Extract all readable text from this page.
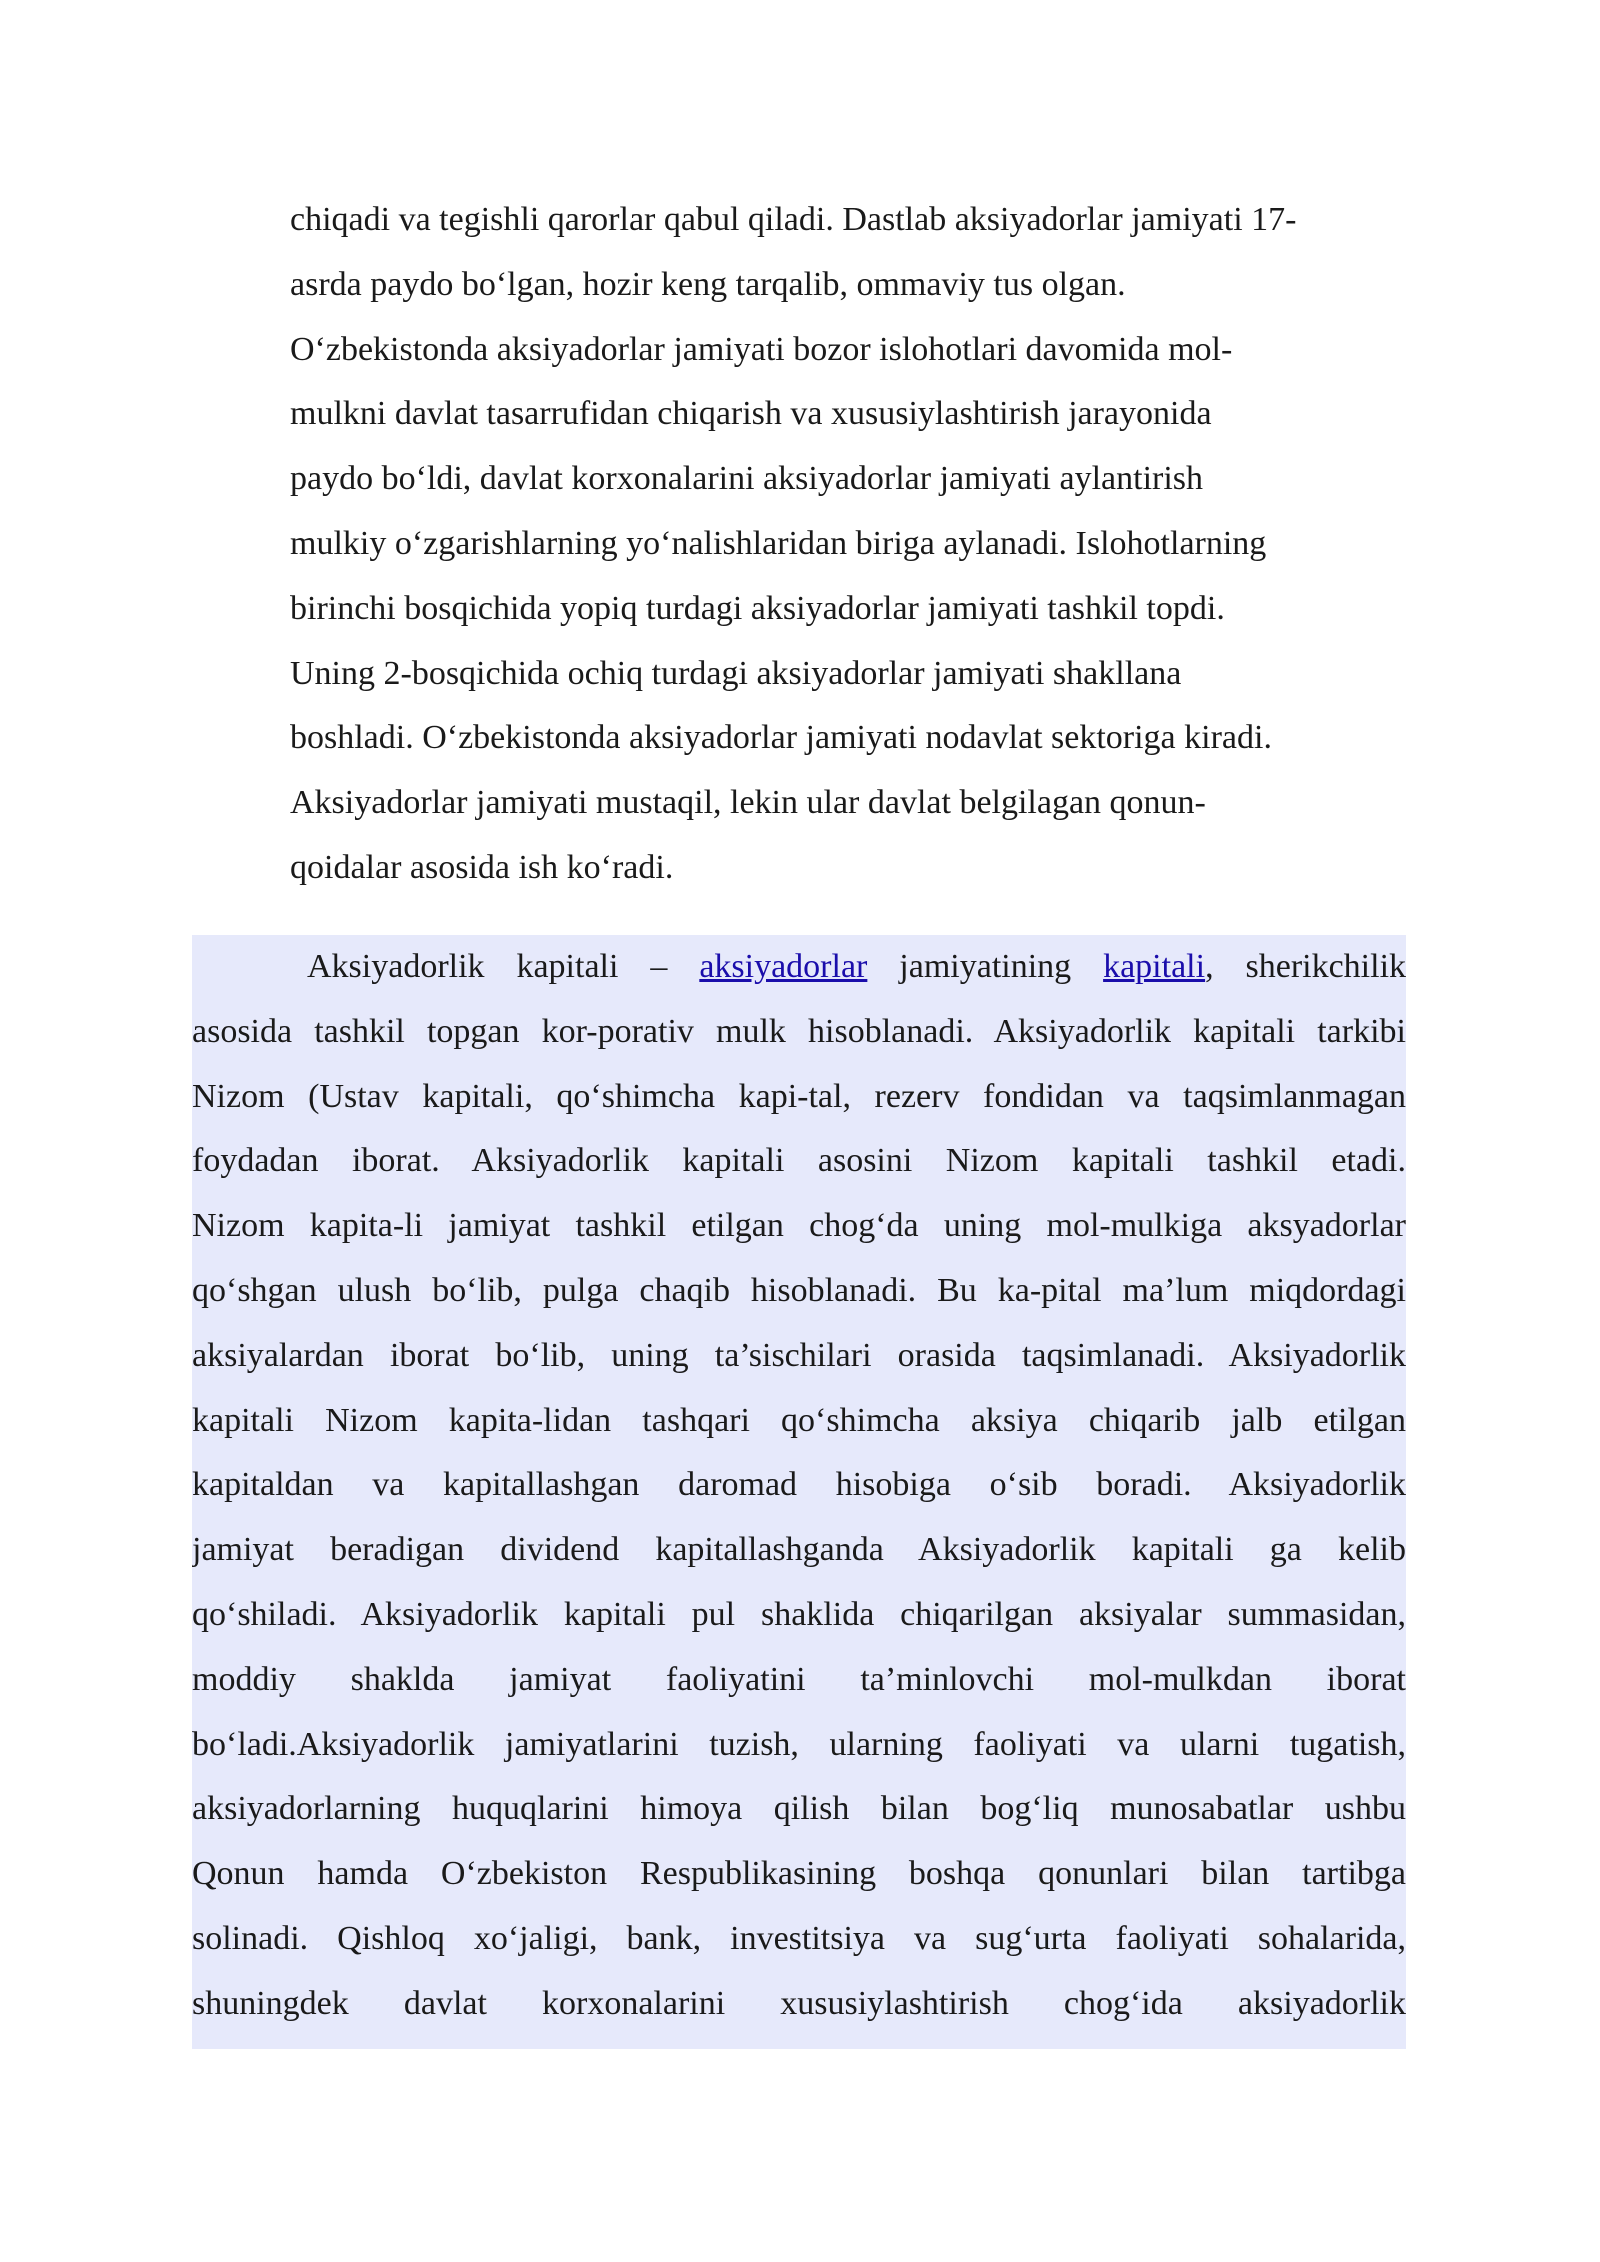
chiqadi va tegishli qarorlar qabul qiladi. Dastlab aksiyadorlar jamiyati 17-
asrda paydo bo‘lgan, hozir keng tarqalib, ommaviy tus olgan.
O‘zbekistonda aksiyadorlar jamiyati bozor islohotlari davomida mol-
mulkni davlat tasarrufidan chiqarish va xususiylashtirish jarayonida
paydo bo‘ldi, davlat korxonalarini aksiyadorlar jamiyati aylantirish
mulkiy o‘zgarishlarning yo‘nalishlaridan biriga aylanadi. Islohotlarning
birinchi bosqichida yopiq turdagi aksiyadorlar jamiyati tashkil topdi.
Uning 2-bosqichida ochiq turdagi aksiyadorlar jamiyati shakllana
boshladi. O‘zbekistonda aksiyadorlar jamiyati nodavlat sektoriga kiradi.
Aksiyadorlar jamiyati mustaqil, lekin ular davlat belgilagan qonun-
qoidalar asosida ish ko‘radi.
Aksiyadorlik kapitali – aksiyadorlar jamiyatining kapitali, sherikchilik
asosida tashkil topgan kor-porativ mulk hisoblanadi. Aksiyadorlik kapitali tarkibi
Nizom (Ustav kapitali, qo‘shimcha kapi-tal, rezerv fondidan va taqsimlanmagan
foydadan iborat. Aksiyadorlik kapitali asosini Nizom kapitali tashkil etadi.
Nizom kapita-li jamiyat tashkil etilgan chog‘da uning mol-mulkiga aksyadorlar
qo‘shgan ulush bo‘lib, pulga chaqib hisoblanadi. Bu ka-pital ma’lum miqdordagi
aksiyalardan iborat bo‘lib, uning ta’sischilari orasida taqsimlanadi. Aksiyadorlik
kapitali Nizom kapita-lidan tashqari qo‘shimcha aksiya chiqarib jalb etilgan
kapitaldan va kapitallashgan daromad hisobiga o‘sib boradi. Aksiyadorlik
jamiyat beradigan dividend kapitallashganda Aksiyadorlik kapitali ga kelib
qo‘shiladi. Aksiyadorlik kapitali pul shaklida chiqarilgan aksiyalar summasidan,
moddiy shaklda jamiyat faoliyatini ta’minlovchi mol-mulkdan iborat
bo‘ladi.Aksiyadorlik jamiyatlarini tuzish, ularning faoliyati va ularni tugatish,
aksiyadorlarning huquqlarini himoya qilish bilan bog‘liq munosabatlar ushbu
Qonun hamda O‘zbekiston Respublikasining boshqa qonunlari bilan tartibga
solinadi. Qishloq xo‘jaligi, bank, investitsiya va sug‘urta faoliyati sohalarida,
shuningdek davlat korxonalarini xususiylashtirish chog‘ida aksiyadorlik
